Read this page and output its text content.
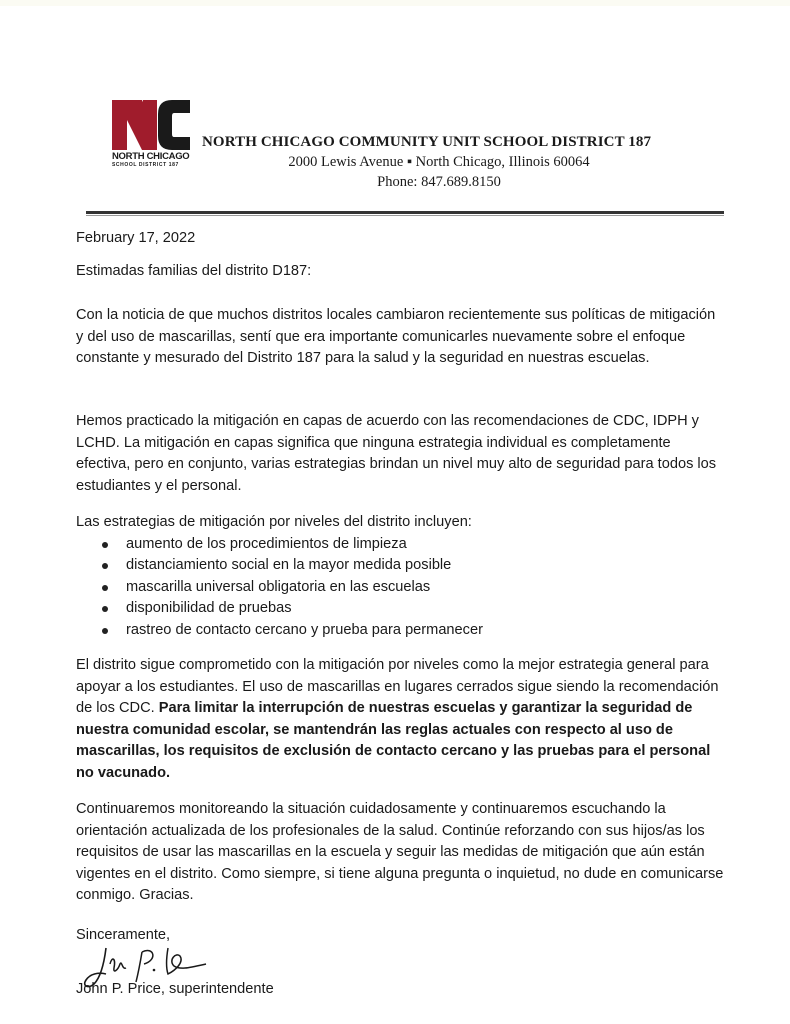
NORTH CHICAGO
SCHOOL DISTRICT 187
NORTH CHICAGO COMMUNITY UNIT SCHOOL DISTRICT 187
2000 Lewis Avenue ▪ North Chicago, Illinois 60064
Phone: 847.689.8150
February 17, 2022
Estimadas familias del distrito D187:

Con la noticia de que muchos distritos locales cambiaron recientemente sus políticas de mitigación y del uso de mascarillas, sentí que era importante comunicarles nuevamente sobre el enfoque constante y mesurado del Distrito 187 para la salud y la seguridad en nuestras escuelas.

Hemos practicado la mitigación en capas de acuerdo con las recomendaciones de CDC, IDPH y LCHD. La mitigación en capas significa que ninguna estrategia individual es completamente efectiva, pero en conjunto, varias estrategias brindan un nivel muy alto de seguridad para todos los estudiantes y el personal.

Las estrategias de mitigación por niveles del distrito incluyen:

aumento de los procedimientos de limpieza
distanciamiento social en la mayor medida posible
mascarilla universal obligatoria en las escuelas
disponibilidad de pruebas
rastreo de contacto cercano y prueba para permanecer

El distrito sigue comprometido con la mitigación por niveles como la mejor estrategia general para apoyar a los estudiantes. El uso de mascarillas en lugares cerrados sigue siendo la recomendación de los CDC. Para limitar la interrupción de nuestras escuelas y garantizar la seguridad de nuestra comunidad escolar, se mantendrán las reglas actuales con respecto al uso de mascarillas, los requisitos de exclusión de contacto cercano y las pruebas para el personal no vacunado.

Continuaremos monitoreando la situación cuidadosamente y continuaremos escuchando la orientación actualizada de los profesionales de la salud. Continúe reforzando con sus hijos/as los requisitos de usar las mascarillas en la escuela y seguir las medidas de mitigación que aún están vigentes en el distrito. Como siempre, si tiene alguna pregunta o inquietud, no dude en comunicarse conmigo. Gracias.

Sinceramente,
John P. Price, superintendente
